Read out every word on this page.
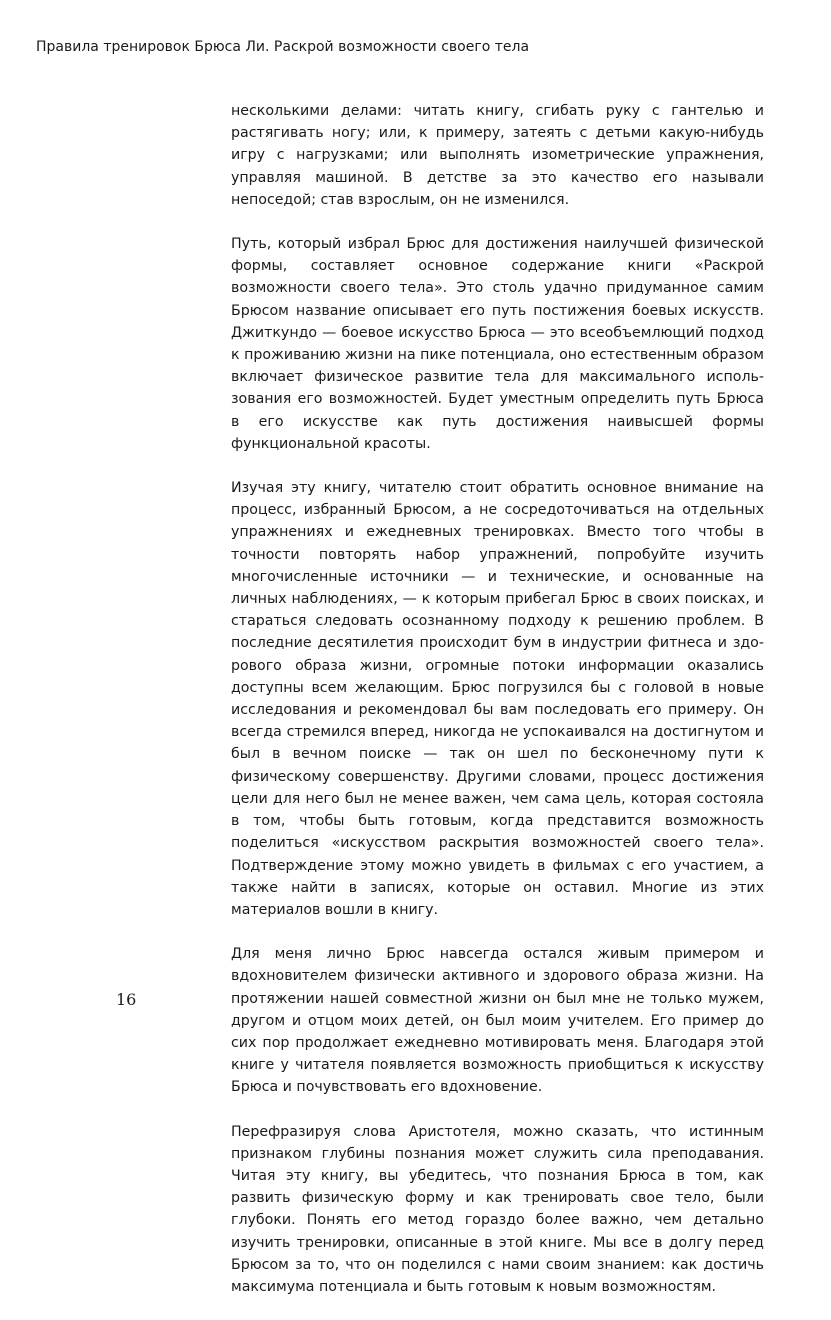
Правила тренировок Брюса Ли. Раскрой возможности своего тела

несколькими делами: читать книгу, сгибать руку с гантелью и растягивать ногу; или, к примеру, затеять с детьми какую-нибудь игру с нагрузками; или выполнять изометрические упражнения, управляя машиной. В детстве за это качество его называли непоседой; став взрослым, он не изменился.

Путь, который избрал Брюс для достижения наилучшей физической формы, составляет основное содержание книги «Раскрой возможности своего тела». Это столь удачно придуманное самим Брюсом название описывает его путь постижения боевых искусств. Джиткундо — боевое искусство Брюса — это всеобъемлющий подход к проживанию жизни на пике потенциала, оно естественным образом включает физическое развитие тела для максимального использования его возможностей. Будет уместным определить путь Брюса в его искусстве как путь достижения наивысшей формы функциональной красоты.

Изучая эту книгу, читателю стоит обратить основное внимание на процесс, избранный Брюсом, а не сосредоточиваться на отдельных упражнениях и ежедневных тренировках. Вместо того чтобы в точности повторять набор упражнений, попробуйте изучить многочисленные источники — и технические, и основанные на личных наблюдениях, — к которым прибегал Брюс в своих поисках, и стараться следовать осознанному подходу к решению проблем. В последние десятилетия происходит бум в индустрии фитнеса и здорового образа жизни, огромные потоки информации оказались доступны всем желающим. Брюс погрузился бы с головой в новые исследования и рекомендовал бы вам последовать его примеру. Он всегда стремился вперед, никогда не успокаивался на достигнутом и был в вечном поиске — так он шел по бесконечному пути к физическому совершенству. Другими словами, процесс достижения цели для него был не менее важен, чем сама цель, которая состояла в том, чтобы быть готовым, когда представится возможность поделиться «искусством раскрытия возможностей своего тела». Подтверждение этому можно увидеть в фильмах с его участием, а также найти в записях, которые он оставил. Многие из этих материалов вошли в книгу.

Для меня лично Брюс навсегда остался живым примером и вдохновителем физически активного и здорового образа жизни. На протяжении нашей совместной жизни он был мне не только мужем, другом и отцом моих детей, он был моим учителем. Его пример до сих пор продолжает ежедневно мотивировать меня. Благодаря этой книге у читателя появляется возможность приобщиться к искусству Брюса и почувствовать его вдохновение.

Перефразируя слова Аристотеля, можно сказать, что истинным признаком глубины познания может служить сила преподавания. Читая эту книгу, вы убедитесь, что познания Брюса в том, как развить физическую форму и как тренировать свое тело, были глубоки. Понять его метод гораздо более важно, чем детально изучить тренировки, описанные в этой книге. Мы все в долгу перед Брюсом за то, что он поделился с нами своим знанием: как достичь максимума потенциала и быть готовым к новым возможностям.

16
